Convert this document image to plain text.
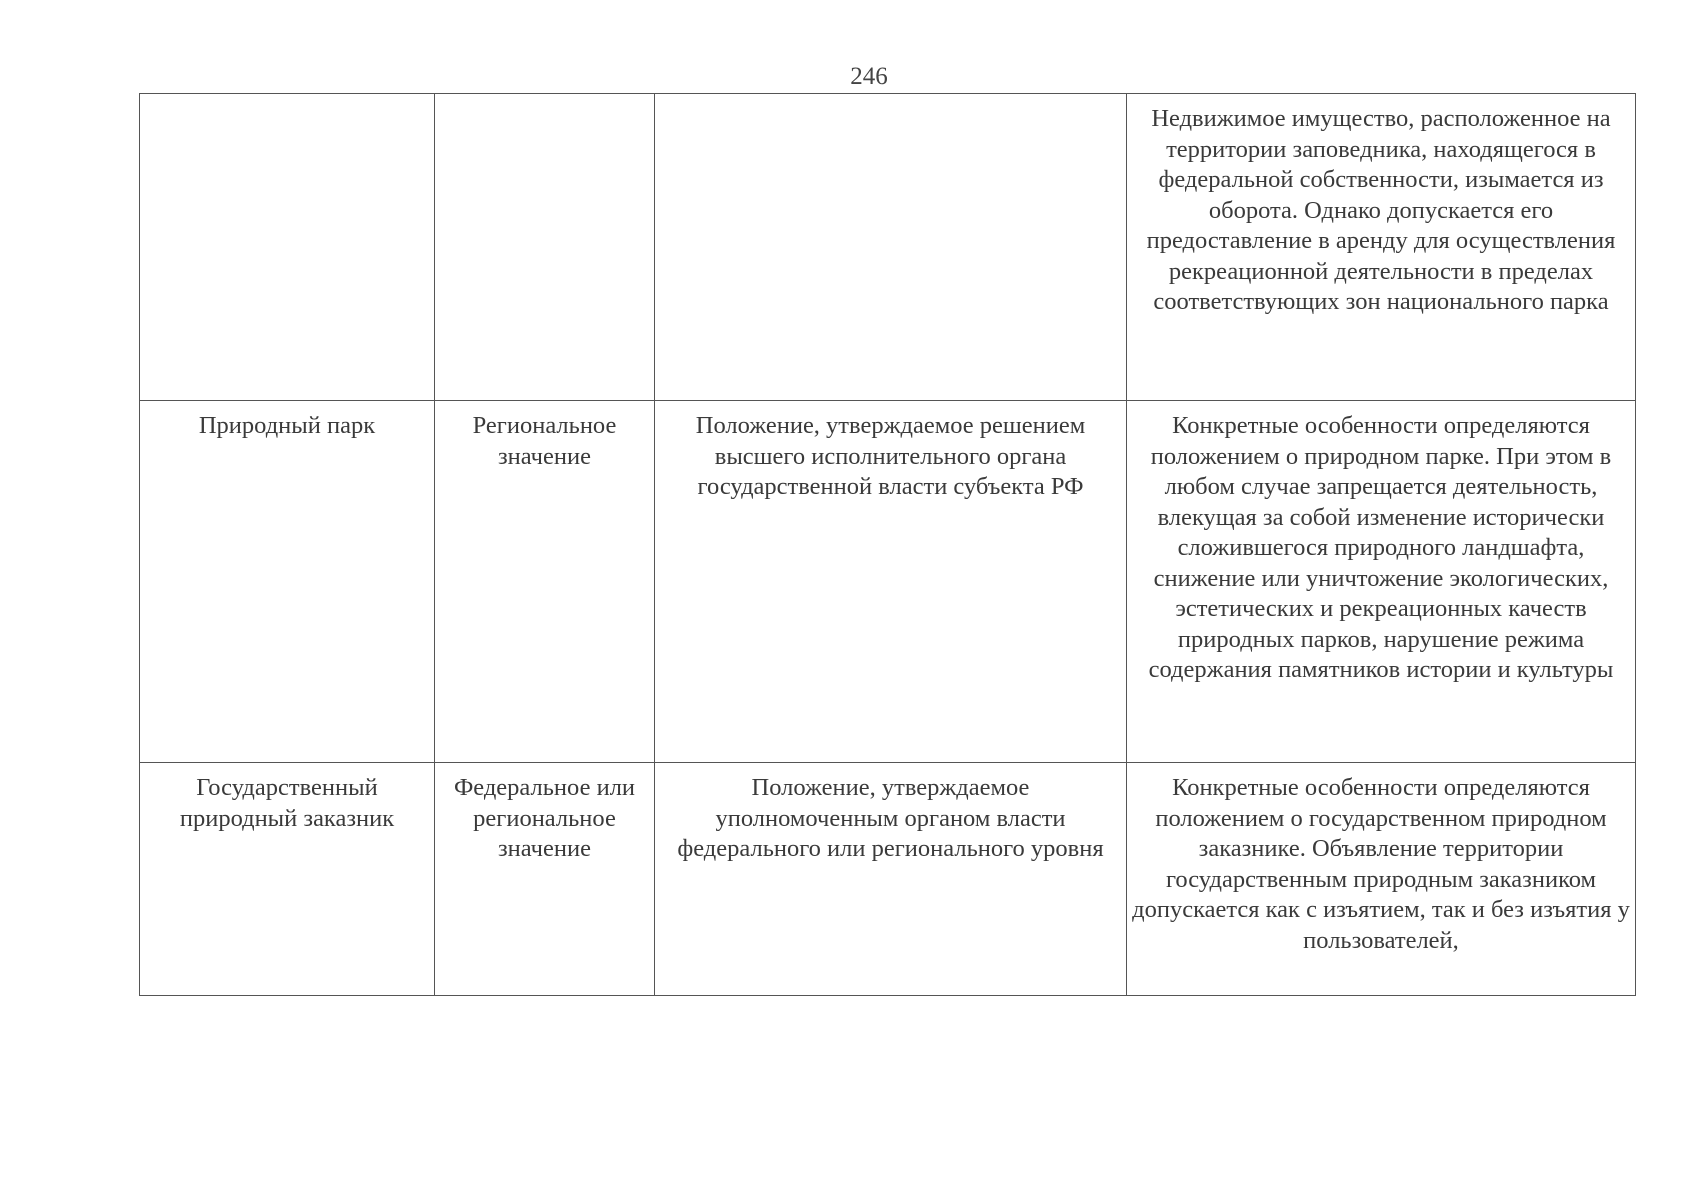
246

			Недвижимое имущество, расположенное на территории заповедника, находящегося в федеральной собственности, изымается из оборота. Однако допускается его предоставление в аренду для осуществления рекреационной деятельности в пределах соответствующих зон национального парка

Природный парк	Региональное значение	Положение, утверждаемое решением высшего исполнительного органа государственной власти субъекта РФ	Конкретные особенности определяются положением о природном парке. При этом в любом случае запрещается деятельность, влекущая за собой изменение исторически сложившегося природного ландшафта, снижение или уничтожение экологических, эстетических и рекреационных качеств природных парков, нарушение режима содержания памятников истории и культуры

Государственный природный заказник	Федеральное или региональное значение	Положение, утверждаемое уполномоченным органом власти федерального или регионального уровня	Конкретные особенности определяются положением о государственном природном заказнике. Объявление территории государственным природным заказником допускается как с изъятием, так и без изъятия у пользователей,
